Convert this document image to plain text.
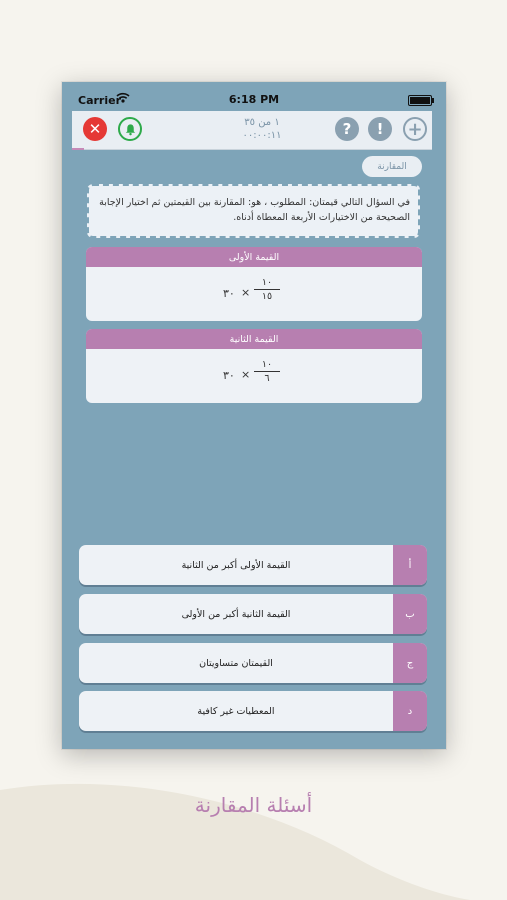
Carrier	6:18 PM
✕	١ من ٣٥
٠٠:٠٠:١١	? ! +
المقارنة
في السؤال التالي قيمتان: المطلوب ، هو: المقارنة بين القيمتين ثم اختيار الإجابة الصحيحة من الاختيارات الأربعة المعطاة أدناه.
القيمة الأولى
٣٠ ×
١٠
١٥
القيمة الثانية
٣٠ ×
١٠
٦
القيمة الأولى أكبر من الثانية	أ
القيمة الثانية أكبر من الأولى	ب
القيمتان متساويتان	ج
المعطيات غير كافية	د
أسئلة المقارنة
